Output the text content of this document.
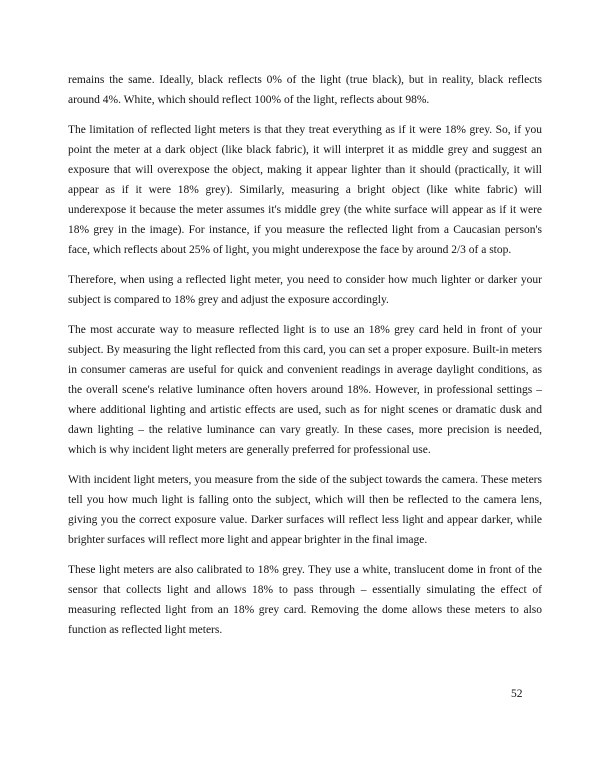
remains the same. Ideally, black reflects 0% of the light (true black), but in reality, black reflects around 4%. White, which should reflect 100% of the light, reflects about 98%.

The limitation of reflected light meters is that they treat everything as if it were 18% grey. So, if you point the meter at a dark object (like black fabric), it will interpret it as middle grey and suggest an exposure that will overexpose the object, making it appear lighter than it should (practically, it will appear as if it were 18% grey). Similarly, measuring a bright object (like white fabric) will underexpose it because the meter assumes it's middle grey (the white surface will appear as if it were 18% grey in the image). For instance, if you measure the reflected light from a Caucasian person's face, which reflects about 25% of light, you might underexpose the face by around 2/3 of a stop.

Therefore, when using a reflected light meter, you need to consider how much lighter or darker your subject is compared to 18% grey and adjust the exposure accordingly.

The most accurate way to measure reflected light is to use an 18% grey card held in front of your subject. By measuring the light reflected from this card, you can set a proper exposure. Built-in meters in consumer cameras are useful for quick and convenient readings in average daylight conditions, as the overall scene's relative luminance often hovers around 18%. However, in professional settings – where additional lighting and artistic effects are used, such as for night scenes or dramatic dusk and dawn lighting – the relative luminance can vary greatly. In these cases, more precision is needed, which is why incident light meters are generally preferred for professional use.

With incident light meters, you measure from the side of the subject towards the camera. These meters tell you how much light is falling onto the subject, which will then be reflected to the camera lens, giving you the correct exposure value. Darker surfaces will reflect less light and appear darker, while brighter surfaces will reflect more light and appear brighter in the final image.

These light meters are also calibrated to 18% grey. They use a white, translucent dome in front of the sensor that collects light and allows 18% to pass through – essentially simulating the effect of measuring reflected light from an 18% grey card. Removing the dome allows these meters to also function as reflected light meters.

52
